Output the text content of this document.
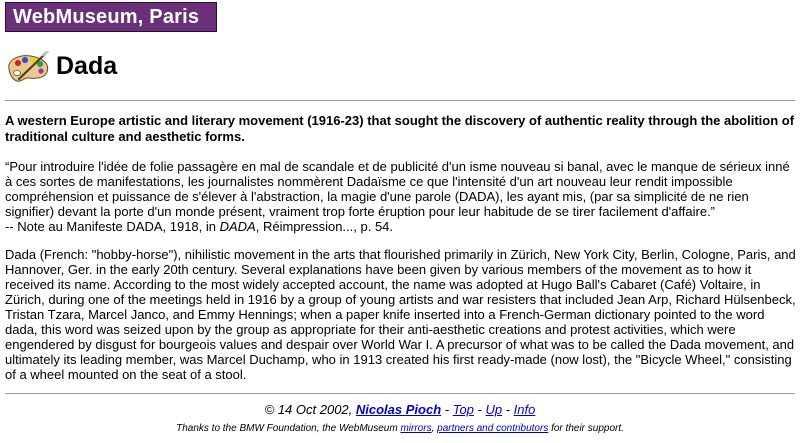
WebMuseum, Paris
Dada
A western Europe artistic and literary movement (1916-23) that sought the discovery of authentic reality through the abolition of traditional culture and aesthetic forms.

“Pour introduire l'idée de folie passagère en mal de scandale et de publicité d'un isme nouveau si banal, avec le manque de sérieux inné à ces sortes de manifestations, les journalistes nommèrent Dadaïsme ce que l'intensité d'un art nouveau leur rendit impossible compréhension et puissance de s'élever à l'abstraction, la magie d'une parole (DADA), les ayant mis, (par sa simplicité de ne rien signifier) devant la porte d'un monde présent, vraiment trop forte éruption pour leur habitude de se tirer facilement d'affaire.”

-- Note au Manifeste DADA, 1918, in DADA, Réimpression..., p. 54.

Dada (French: "hobby-horse"), nihilistic movement in the arts that flourished primarily in Zürich, New York City, Berlin, Cologne, Paris, and Hannover, Ger. in the early 20th century. Several explanations have been given by various members of the movement as to how it received its name. According to the most widely accepted account, the name was adopted at Hugo Ball's Cabaret (Café) Voltaire, in Zürich, during one of the meetings held in 1916 by a group of young artists and war resisters that included Jean Arp, Richard Hülsenbeck, Tristan Tzara, Marcel Janco, and Emmy Hennings; when a paper knife inserted into a French-German dictionary pointed to the word dada, this word was seized upon by the group as appropriate for their anti-aesthetic creations and protest activities, which were engendered by disgust for bourgeois values and despair over World War I. A precursor of what was to be called the Dada movement, and ultimately its leading member, was Marcel Duchamp, who in 1913 created his first ready-made (now lost), the "Bicycle Wheel," consisting of a wheel mounted on the seat of a stool.
© 14 Oct 2002, Nicolas Pioch - Top - Up - Info
Thanks to the BMW Foundation, the WebMuseum mirrors, partners and contributors for their support.
